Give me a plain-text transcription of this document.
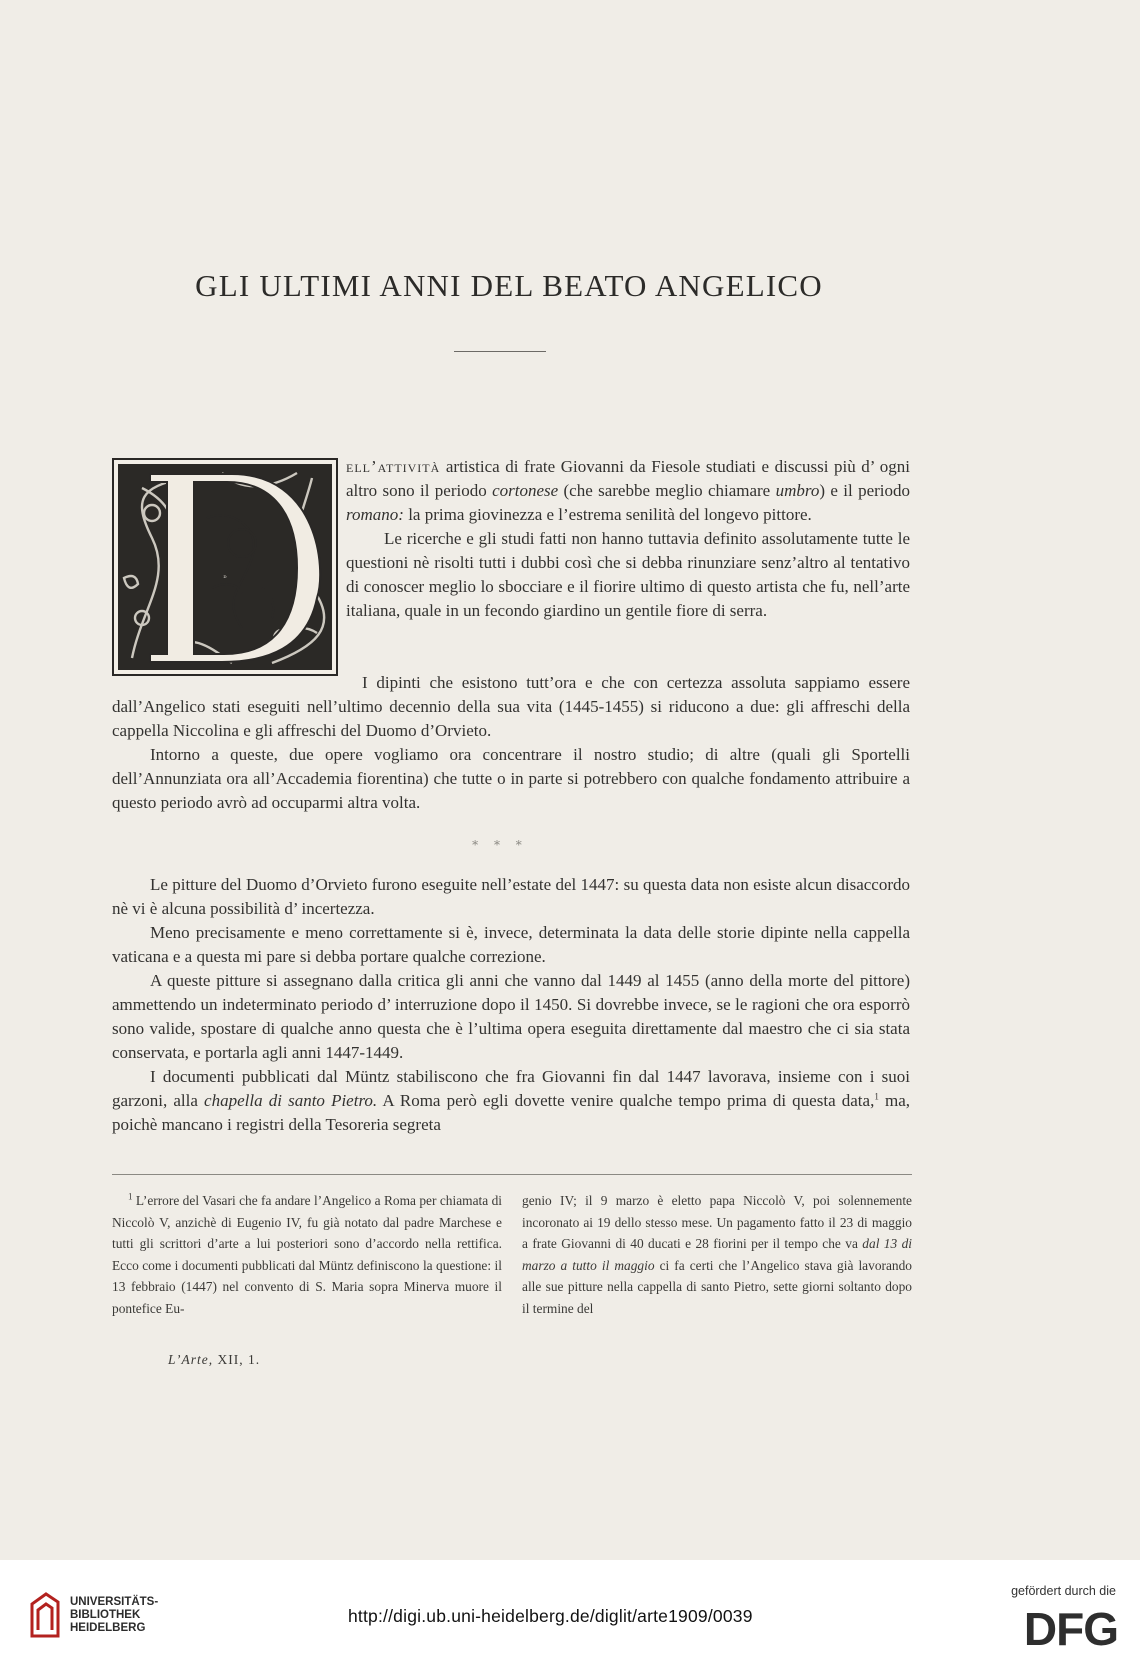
GLI ULTIMI ANNI DEL BEATO ANGELICO
D

ell’attività artistica di frate Giovanni da Fiesole studiati e discussi più d’ ogni altro sono il periodo cortonese (che sarebbe meglio chiamare umbro) e il periodo romano: la prima giovinezza e l’estrema senilità del longevo pittore.

Le ricerche e gli studi fatti non hanno tuttavia definito assolutamente tutte le questioni nè risolti tutti i dubbi così che si debba rinunziare senz’altro al tentativo di conoscer meglio lo sbocciare e il fiorire ultimo di questo artista che fu, nell’arte italiana, quale in un fecondo giardino un gentile fiore di serra.

I dipinti che esistono tutt’ora e che con certezza assoluta sappiamo essere dall’Angelico stati eseguiti nell’ultimo decennio della sua vita (1445-1455) si riducono a due: gli affreschi della cappella Niccolina e gli affreschi del Duomo d’Orvieto.

Intorno a queste, due opere vogliamo ora concentrare il nostro studio; di altre (quali gli Sportelli dell’Annunziata ora all’Accademia fiorentina) che tutte o in parte si potrebbero con qualche fondamento attribuire a questo periodo avrò ad occuparmi altra volta.

* * *

Le pitture del Duomo d’Orvieto furono eseguite nell’estate del 1447: su questa data non esiste alcun disaccordo nè vi è alcuna possibilità d’ incertezza.

Meno precisamente e meno correttamente si è, invece, determinata la data delle storie dipinte nella cappella vaticana e a questa mi pare si debba portare qualche correzione.

A queste pitture si assegnano dalla critica gli anni che vanno dal 1449 al 1455 (anno della morte del pittore) ammettendo un indeterminato periodo d’ interruzione dopo il 1450. Si dovrebbe invece, se le ragioni che ora esporrò sono valide, spostare di qualche anno questa che è l’ultima opera eseguita direttamente dal maestro che ci sia stata conservata, e portarla agli anni 1447-1449.

I documenti pubblicati dal Müntz stabiliscono che fra Giovanni fin dal 1447 lavorava, insieme con i suoi garzoni, alla chapella di santo Pietro. A Roma però egli dovette venire qualche tempo prima di questa data,$^1$ ma, poichè mancano i registri della Tesoreria segreta

$^1$ L’errore del Vasari che fa andare l’Angelico a Roma per chiamata di Niccolò V, anzichè di Eugenio IV, fu già notato dal padre Marchese e tutti gli scrittori d’arte a lui posteriori sono d’accordo nella rettifica. Ecco come i documenti pubblicati dal Müntz definiscono la questione: il 13 febbraio (1447) nel convento di S. Maria sopra Minerva muore il pontefice Eu-

genio IV; il 9 marzo è eletto papa Niccolò V, poi solennemente incoronato ai 19 dello stesso mese. Un pagamento fatto il 23 di maggio a frate Giovanni di 40 ducati e 28 fiorini per il tempo che va dal 13 di marzo a tutto il maggio ci fa certi che l’Angelico stava già lavorando alle sue pitture nella cappella di santo Pietro, sette giorni soltanto dopo il termine del

L’Arte, XII, 1.
UNIVERSITÄTS-
BIBLIOTHEK
HEIDELBERG
http://digi.ub.uni-heidelberg.de/diglit/arte1909/0039
gefördert durch die
DFG
